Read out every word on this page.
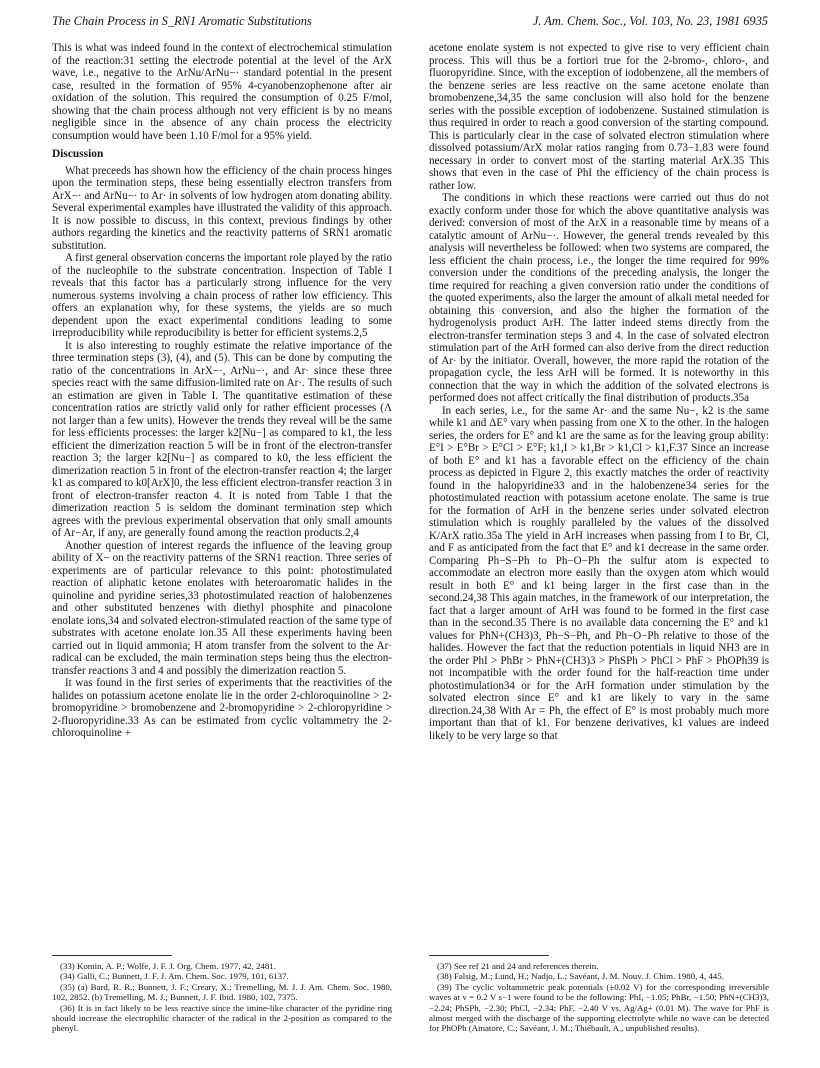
The Chain Process in S_RN1 Aromatic Substitutions	J. Am. Chem. Soc., Vol. 103, No. 23, 1981 6935

This is what was indeed found in the context of electrochemical stimulation of the reaction:31 setting the electrode potential at the level of the ArX wave, i.e., negative to the ArNu/ArNu−· standard potential in the present case, resulted in the formation of 95% 4-cyanobenzophenone after air oxidation of the solution. This required the consumption of 0.25 F/mol, showing that the chain process although not very efficient is by no means negligible since in the absence of any chain process the electricity consumption would have been 1.10 F/mol for a 95% yield.

Discussion

What preceeds has shown how the efficiency of the chain process hinges upon the termination steps, these being essentially electron transfers from ArX−· and ArNu−· to Ar· in solvents of low hydrogen atom donating ability. Several experimental examples have illustrated the validity of this approach. It is now possible to discuss, in this context, previous findings by other authors regarding the kinetics and the reactivity patterns of SRN1 aromatic substitution.

A first general observation concerns the important role played by the ratio of the nucleophile to the substrate concentration. Inspection of Table I reveals that this factor has a particularly strong influence for the very numerous systems involving a chain process of rather low efficiency. This offers an explanation why, for these systems, the yields are so much dependent upon the exact experimental conditions leading to some irreproducibility while reproducibility is better for efficient systems.2,5

It is also interesting to roughly estimate the relative importance of the three termination steps (3), (4), and (5). This can be done by computing the ratio of the concentrations in ArX−·, ArNu−·, and Ar· since these three species react with the same diffusion-limited rate on Ar·. The results of such an estimation are given in Table I. The quantitative estimation of these concentration ratios are strictly valid only for rather efficient processes (Λ not larger than a few units). However the trends they reveal will be the same for less efficients processes: the larger k2[Nu−] as compared to k1, the less efficient the dimerization reaction 5 will be in front of the electron-transfer reaction 3; the larger k2[Nu−] as compared to k0, the less efficient the dimerization reaction 5 in front of the electron-transfer reaction 4; the larger k1 as compared to k0[ArX]0, the less efficient electron-transfer reaction 3 in front of electron-transfer reacton 4. It is noted from Table I that the dimerization reaction 5 is seldom the dominant termination step which agrees with the previous experimental observation that only small amounts of Ar−Ar, if any, are generally found among the reaction products.2,4

Another question of interest regards the influence of the leaving group ability of X− on the reactivity patterns of the SRN1 reaction. Three series of experiments are of particular relevance to this point: photostimulated reaction of aliphatic ketone enolates with heteroaromatic halides in the quinoline and pyridine series,33 photostimulated reaction of halobenzenes and other substituted benzenes with diethyl phosphite and pinacolone enolate ions,34 and solvated electron-stimulated reaction of the same type of substrates with acetone enolate ion.35 All these experiments having been carried out in liquid ammonia; H atom transfer from the solvent to the Ar· radical can be excluded, the main termination steps being thus the electron-transfer reactions 3 and 4 and possibly the dimerization reaction 5.

It was found in the first series of experiments that the reactivities of the halides on potassium acetone enolate lie in the order 2-chloroquinoline > 2-bromopyridine > bromobenzene and 2-bromopyridine > 2-chloropyridine > 2-fluoropyridine.33 As can be estimated from cyclic voltammetry the 2-chloroquinoline +

acetone enolate system is not expected to give rise to very efficient chain process. This will thus be a fortiori true for the 2-bromo-, chloro-, and fluoropyridine. Since, with the exception of iodobenzene, all the members of the benzene series are less reactive on the same acetone enolate than bromobenzene,34,35 the same conclusion will also hold for the benzene series with the possible exception of iodobenzene. Sustained stimulation is thus required in order to reach a good conversion of the starting compound. This is particularly clear in the case of solvated electron stimulation where dissolved potassium/ArX molar ratios ranging from 0.73−1.83 were found necessary in order to convert most of the starting material ArX.35 This shows that even in the case of PhI the efficiency of the chain process is rather low.

The conditions in which these reactions were carried out thus do not exactly conform under those for which the above quantitative analysis was derived: conversion of most of the ArX in a reasonable time by means of a catalytic amount of ArNu−·. However, the general trends revealed by this analysis will nevertheless be followed: when two systems are compared, the less efficient the chain process, i.e., the longer the time required for 99% conversion under the conditions of the preceding analysis, the longer the time required for reaching a given conversion ratio under the conditions of the quoted experiments, also the larger the amount of alkali metal needed for obtaining this conversion, and also the higher the formation of the hydrogenolysis product ArH. The latter indeed stems directly from the electron-transfer termination steps 3 and 4. In the case of solvated electron stimulation part of the ArH formed can also derive from the direct reduction of Ar· by the initiator. Overall, however, the more rapid the rotation of the propagation cycle, the less ArH will be formed. It is noteworthy in this connection that the way in which the addition of the solvated electrons is performed does not affect critically the final distribution of products.35a

In each series, i.e., for the same Ar· and the same Nu−, k2 is the same while k1 and ΔE° vary when passing from one X to the other. In the halogen series, the orders for E° and k1 are the same as for the leaving group ability: E°I > E°Br > E°Cl > E°F; k1,I > k1,Br > k1,Cl > k1,F.37 Since an increase of both E° and k1 has a favorable effect on the efficiency of the chain process as depicted in Figure 2, this exactly matches the order of reactivity found in the halopyridine33 and in the halobenzene34 series for the photostimulated reaction with potassium acetone enolate. The same is true for the formation of ArH in the benzene series under solvated electron stimulation which is roughly paralleled by the values of the dissolved K/ArX ratio.35a The yield in ArH increases when passing from I to Br, Cl, and F as anticipated from the fact that E° and k1 decrease in the same order. Comparing Ph−S−Ph to Ph−O−Ph the sulfur atom is expected to accommodate an electron more easily than the oxygen atom which would result in both E° and k1 being larger in the first case than in the second.24,38 This again matches, in the framework of our interpretation, the fact that a larger amount of ArH was found to be formed in the first case than in the second.35 There is no available data concerning the E° and k1 values for PhN+(CH3)3, Ph−S−Ph, and Ph−O−Ph relative to those of the halides. However the fact that the reduction potentials in liquid NH3 are in the order PhI > PhBr > PhN+(CH3)3 > PhSPh > PhCl > PhF > PhOPh39 is not incompatible with the order found for the half-reaction time under photostimulation34 or for the ArH formation under stimulation by the solvated electron since E° and k1 are likely to vary in the same direction.24,38 With Ar = Ph, the effect of E° is most probably much more important than that of k1. For benzene derivatives, k1 values are indeed likely to be very large so that

(33) Komin, A. P.; Wolfe, J. F. J. Org. Chem. 1977, 42, 2481.

(34) Galli, C.; Bunnett, J. F. J. Am. Chem. Soc. 1979, 101, 6137.

(35) (a) Bard, R. R.; Bunnett, J. F.; Creary, X.; Tremelling, M. J. J. Am. Chem. Soc. 1980, 102, 2852. (b) Tremelling, M. J.; Bunnett, J. F. Ibid. 1980, 102, 7375.

(36) It is in fact likely to be less reactive since the imine-like character of the pyridine ring should increase the electrophilic character of the radical in the 2-position as compared to the phenyl.

(37) See ref 21 and 24 and references therein.

(38) Falsig, M.; Lund, H.; Nadjo, L.; Savéant, J. M. Nouv. J. Chim. 1980, 4, 445.

(39) The cyclic voltammetric peak potentials (±0.02 V) for the corresponding irreversible waves at v = 0.2 V s−1 were found to be the following: PhI, −1.05; PhBr, −1.50; PhN+(CH3)3, −2.24; PhSPh, −2.30; PhCl, −2.34; PhF, −2.40 V vs. Ag/Ag+ (0.01 M). The wave for PhF is almost merged with the discharge of the supporting electrolyte while no wave can be detected for PhOPh (Amatore, C.; Savéant, J. M.; Thiébault, A., unpublished results).
